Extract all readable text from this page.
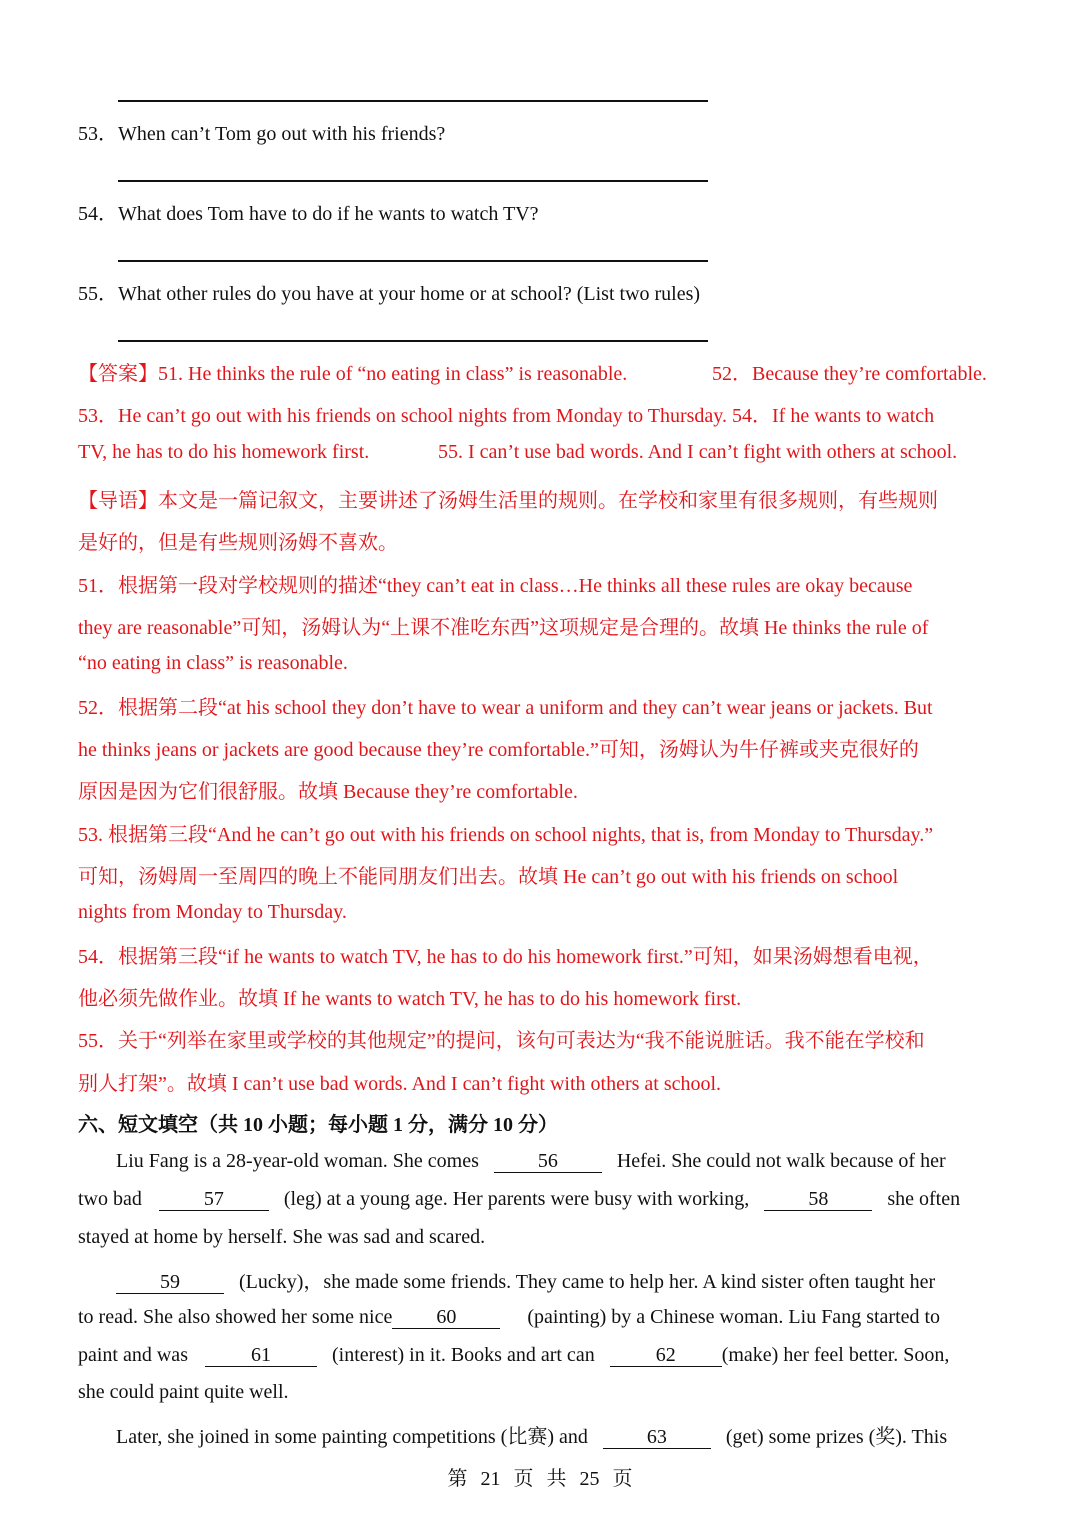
53．When can’t Tom go out with his friends?
54．What does Tom have to do if he wants to watch TV?
55．What other rules do you have at your home or at school? (List two rules)
【答案】51. He thinks the rule of “no eating in class” is reasonable.	52．Because they’re comfortable.
53．He can’t go out with his friends on school nights from Monday to Thursday. 54．If he wants to watch
TV, he has to do his homework first.	55. I can’t use bad words. And I can’t fight with others at school.
【导语】本文是一篇记叙文，主要讲述了汤姆生活里的规则。在学校和家里有很多规则，有些规则
是好的，但是有些规则汤姆不喜欢。
51．根据第一段对学校规则的描述“they can’t eat in class…He thinks all these rules are okay because
they are reasonable”可知，汤姆认为“上课不准吃东西”这项规定是合理的。故填 He thinks the rule of
“no eating in class” is reasonable.
52．根据第二段“at his school they don’t have to wear a uniform and they can’t wear jeans or jackets. But
he thinks jeans or jackets are good because they’re comfortable.”可知，汤姆认为牛仔裤或夹克很好的
原因是因为它们很舒服。故填 Because they’re comfortable.
53. 根据第三段“And he can’t go out with his friends on school nights, that is, from Monday to Thursday.”
可知，汤姆周一至周四的晚上不能同朋友们出去。故填 He can’t go out with his friends on school
nights from Monday to Thursday.
54．根据第三段“if he wants to watch TV, he has to do his homework first.”可知，如果汤姆想看电视，
他必须先做作业。故填 If he wants to watch TV, he has to do his homework first.
55．关于“列举在家里或学校的其他规定”的提问，该句可表达为“我不能说脏话。我不能在学校和
别人打架”。故填 I can’t use bad words. And I can’t fight with others at school.
六、短文填空（共 10 小题；每小题 1 分，满分 10 分）
Liu Fang is a 28-year-old woman. She comes	56	Hefei. She could not walk because of her
two bad	57	(leg) at a young age. Her parents were busy with working,	58	she often
stayed at home by herself. She was sad and scared.
59	(Lucky)，she made some friends. They came to help her. A kind sister often taught her
to read. She also showed her some nice 60	(painting) by a Chinese woman. Liu Fang started to
paint and was	61	(interest) in it. Books and art can	62 (make) her feel better. Soon,
she could paint quite well.
Later, she joined in some painting competitions (比赛) and	63	(get) some prizes (奖). This
第 21 页 共 25 页
